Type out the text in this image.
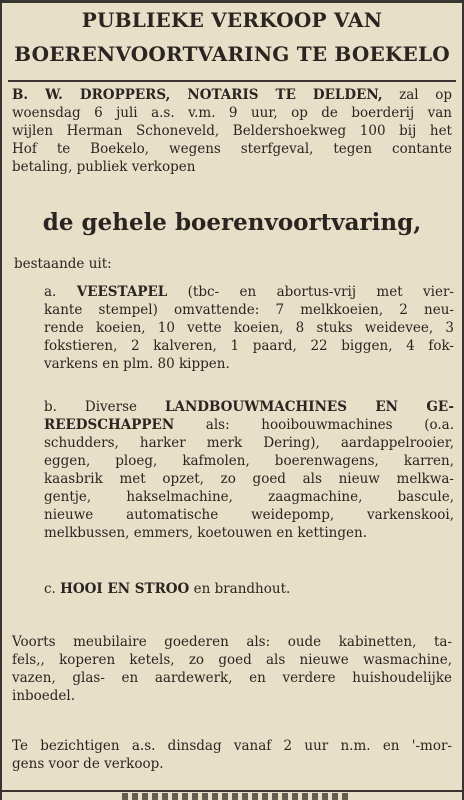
PUBLIEKE VERKOOP VAN
BOERENVOORTVARING TE BOEKELO
B. W. DROPPERS, NOTARIS TE DELDEN, zal op
woensdag 6 juli a.s. v.m. 9 uur, op de boerderij van
wijlen Herman Schoneveld, Beldershoekweg 100 bij het
Hof te Boekelo, wegens sterfgeval, tegen contante
betaling, publiek verkopen
de gehele boerenvoortvaring,
bestaande uit:
a. VEESTAPEL (tbc- en abortus-vrij met vier-
kante stempel) omvattende: 7 melkkoeien, 2 neu-
rende koeien, 10 vette koeien, 8 stuks weidevee, 3
fokstieren, 2 kalveren, 1 paard, 22 biggen, 4 fok-
varkens en plm. 80 kippen.
b. Diverse LANDBOUWMACHINES EN GE-
REEDSCHAPPEN als: hooibouwmachines (o.a.
schudders, harker merk Dering), aardappelrooier,
eggen, ploeg, kafmolen, boerenwagens, karren,
kaasbrik met opzet, zo goed als nieuw melkwa-
gentje, hakselmachine, zaagmachine, bascule,
nieuwe automatische weidepomp, varkenskooi,
melkbussen, emmers, koetouwen en kettingen.
c. HOOI EN STROO en brandhout.
Voorts meubilaire goederen als: oude kabinetten, ta-
fels,, koperen ketels, zo goed als nieuwe wasmachine,
vazen, glas- en aardewerk, en verdere huishoudelijke
inboedel.
Te bezichtigen a.s. dinsdag vanaf 2 uur n.m. en '-mor-
gens voor de verkoop.
